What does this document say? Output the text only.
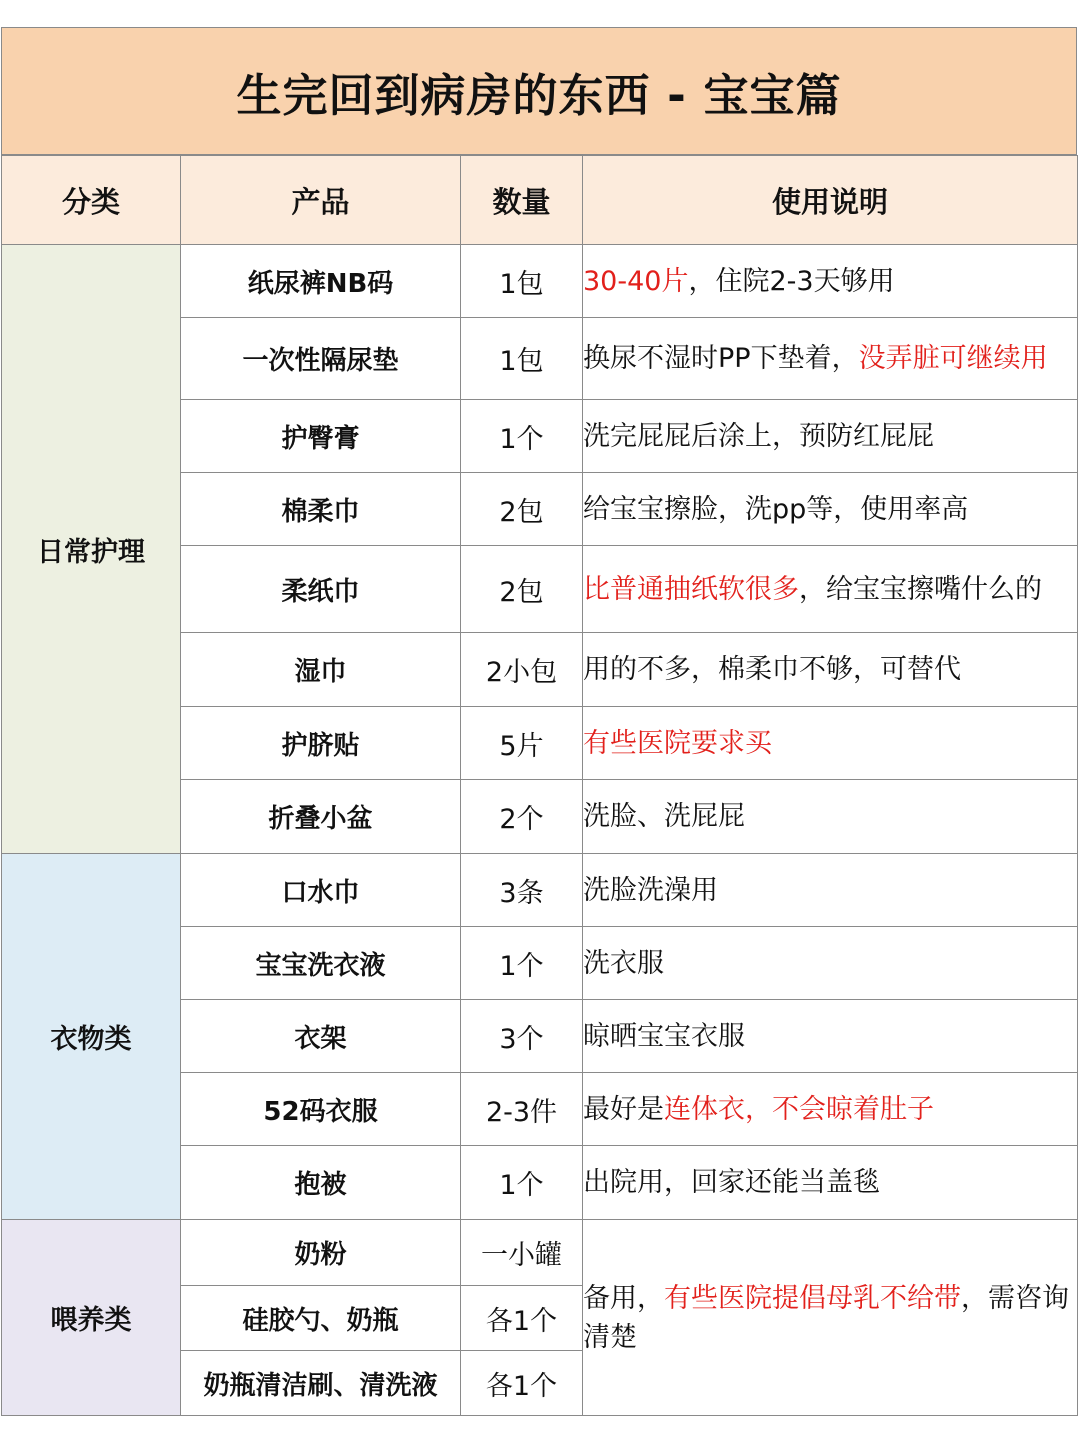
生完回到病房的东西 - 宝宝篇
分类	产品	数量	使用说明
日常护理	纸尿裤NB码	1包	30-40片，住院2-3天够用
	一次性隔尿垫	1包	换尿不湿时PP下垫着，没弄脏可继续用
	护臀膏	1个	洗完屁屁后涂上，预防红屁屁
	棉柔巾	2包	给宝宝擦脸，洗pp等，使用率高
	柔纸巾	2包	比普通抽纸软很多，给宝宝擦嘴什么的
	湿巾	2小包	用的不多，棉柔巾不够，可替代
	护脐贴	5片	有些医院要求买
	折叠小盆	2个	洗脸、洗屁屁
衣物类	口水巾	3条	洗脸洗澡用
	宝宝洗衣液	1个	洗衣服
	衣架	3个	晾晒宝宝衣服
	52码衣服	2-3件	最好是连体衣，不会晾着肚子
	抱被	1个	出院用，回家还能当盖毯
喂养类	奶粉	一小罐	备用，有些医院提倡母乳不给带，需咨询清楚
	硅胶勺、奶瓶	各1个	
	奶瓶清洁刷、清洗液	各1个	
